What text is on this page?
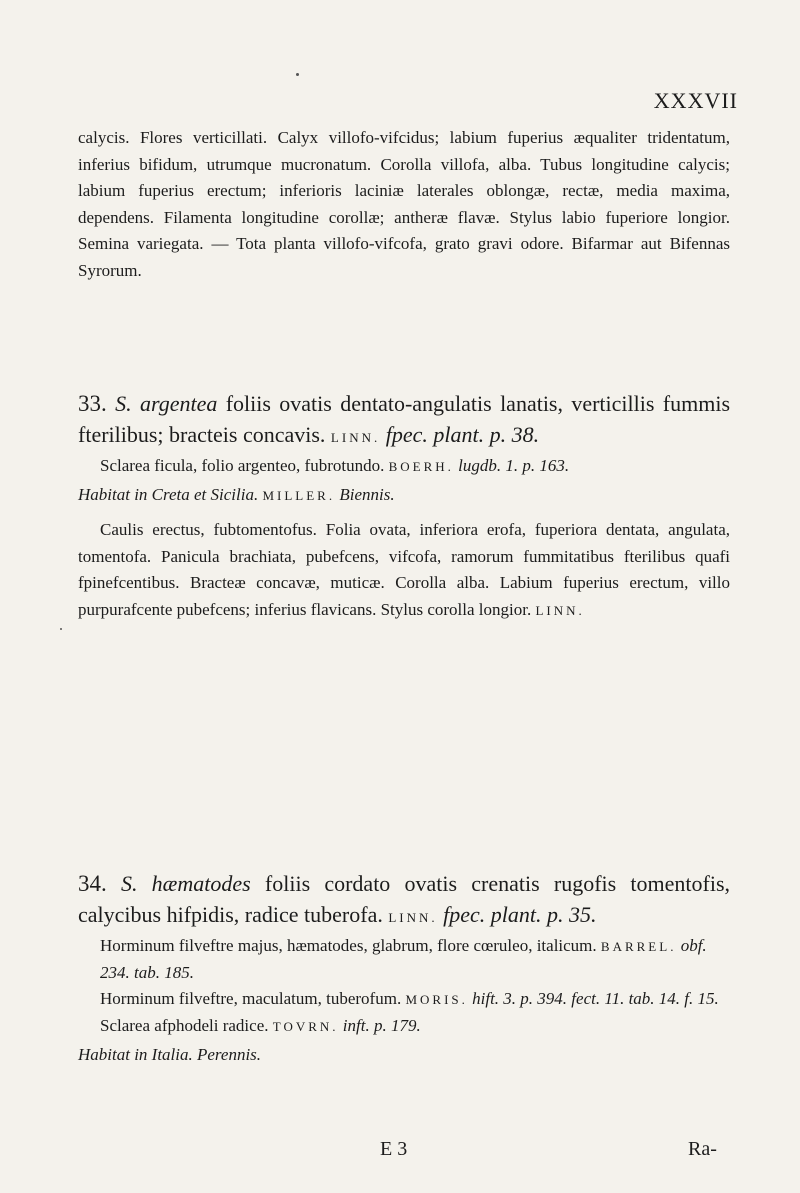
XXXVII

calycis. Flores verticillati. Calyx villofo-vifcidus; labium fuperius æqualiter tridentatum, inferius bifidum, utrumque mucronatum. Corolla villofa, alba. Tubus longitudine calycis; labium fuperius erectum; inferioris laciniæ laterales oblongæ, rectæ, media maxima, dependens. Filamenta longitudine corollæ; antheræ flavæ. Stylus labio fuperiore longior. Semina variegata. — Tota planta villofo-vifcofa, grato gravi odore. Bifarmar aut Bifennas Syrorum.

33. S. argentea foliis ovatis dentato-angulatis lanatis, verticillis fummis fterilibus; bracteis concavis. LINN. fpec. plant. p. 38.

Sclarea ficula, folio argenteo, fubrotundo. BOERH. lugdb. 1. p. 163.

Habitat in Creta et Sicilia. MILLER. Biennis.

Caulis erectus, fubtomentofus. Folia ovata, inferiora erofa, fuperiora dentata, angulata, tomentofa. Panicula brachiata, pubefcens, vifcofa, ramorum fummitatibus fterilibus quafi fpinefcentibus. Bracteæ concavæ, muticæ. Corolla alba. Labium fuperius erectum, villo purpurafcente pubefcens; inferius flavicans. Stylus corolla longior. LINN.

34. S. hæmatodes foliis cordato ovatis crenatis rugofis tomentofis, calycibus hifpidis, radice tuberofa. LINN. fpec. plant. p. 35.

Horminum filveftre majus, hæmatodes, glabrum, flore cœruleo, italicum. BARREL. obf. 234. tab. 185.

Horminum filveftre, maculatum, tuberofum. MORIS. hift. 3. p. 394. fect. 11. tab. 14. f. 15.

Sclarea afphodeli radice. TOVRN. inft. p. 179.

Habitat in Italia. Perennis.

E 3	Ra-
